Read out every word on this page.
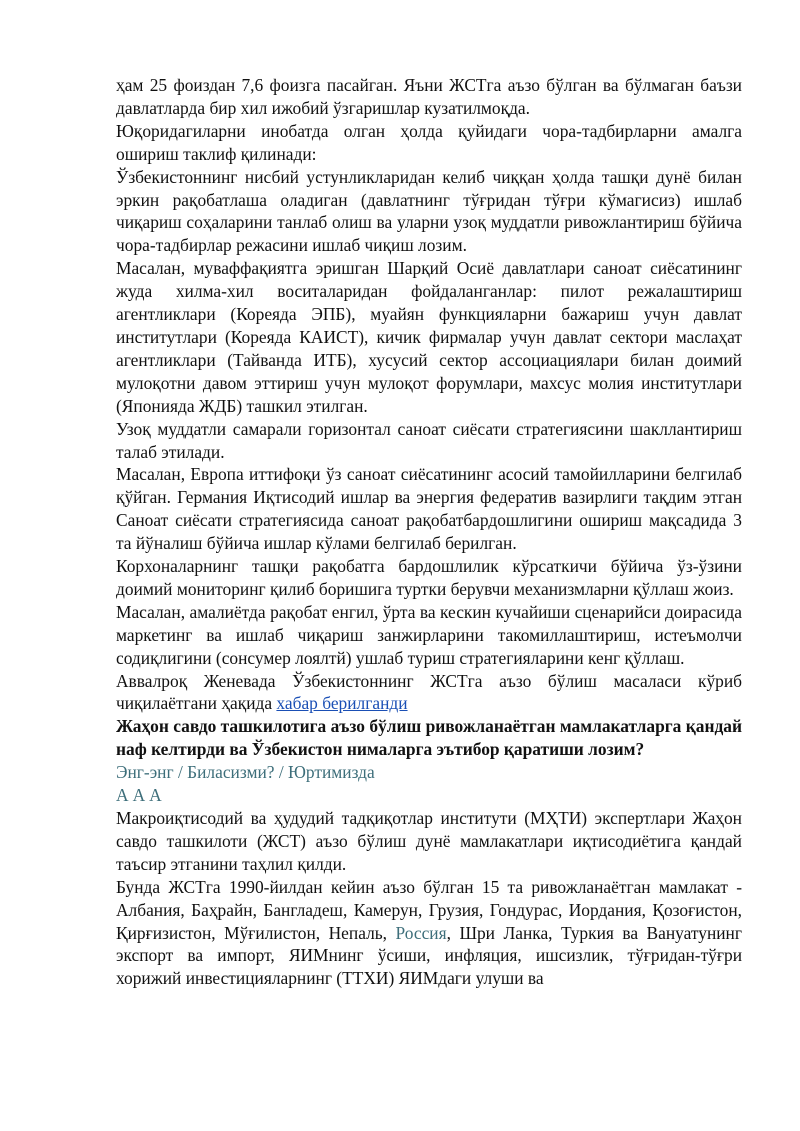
ҳам 25 фоиздан 7,6 фоизга пасайган. Яъни ЖСТга аъзо бўлган ва бўлмаган баъзи давлатларда бир хил ижобий ўзгаришлар кузатилмоқда.

Юқоридагиларни инобатда олган ҳолда қуйидаги чора-тадбирларни амалга ошириш таклиф қилинади:

Ўзбекистоннинг нисбий устунликларидан келиб чиққан ҳолда ташқи дунё билан эркин рақобатлаша оладиган (давлатнинг тўғридан тўғри кўмагисиз) ишлаб чиқариш соҳаларини танлаб олиш ва уларни узоқ муддатли ривожлантириш бўйича чора-тадбирлар режасини ишлаб чиқиш лозим.

Масалан, муваффақиятга эришган Шарқий Осиё давлатлари саноат сиёсатининг жуда хилма-хил воситаларидан фойдаланганлар: пилот режалаштириш агентликлари (Кореяда ЭПБ), муайян функцияларни бажариш учун давлат институтлари (Кореяда КАИСТ), кичик фирмалар учун давлат сектори маслаҳат агентликлари (Тайванда ИТБ), хусусий сектор ассоциациялари билан доимий мулоқотни давом эттириш учун мулоқот форумлари, махсус молия институтлари (Японияда ЖДБ) ташкил этилган.

Узоқ муддатли самарали горизонтал саноат сиёсати стратегиясини шакллантириш талаб этилади.

Масалан, Европа иттифоқи ўз саноат сиёсатининг асосий тамойилларини белгилаб қўйган. Германия Иқтисодий ишлар ва энергия федератив вазирлиги тақдим этган Саноат сиёсати стратегиясида саноат рақобатбардошлигини ошириш мақсадида 3 та йўналиш бўйича ишлар кўлами белгилаб берилган.

Корхоналарнинг ташқи рақобатга бардошлилик кўрсаткичи бўйича ўз-ўзини доимий мониторинг қилиб боришига туртки берувчи механизмларни қўллаш жоиз.

Масалан, амалиётда рақобат енгил, ўрта ва кескин кучайиши сценарийси доирасида маркетинг ва ишлаб чиқариш занжирларини такомиллаштириш, истеъмолчи содиқлигини (сонсумер лоялтй) ушлаб туриш стратегияларини кенг қўллаш.

Аввалроқ Женевада Ўзбекистоннинг ЖСТга аъзо бўлиш масаласи кўриб чиқилаётгани ҳақида хабар берилганди

Жаҳон савдо ташкилотига аъзо бўлиш ривожланаётган мамлакатларга қандай наф келтирди ва Ўзбекистон нималарга эътибор қаратиши лозим?

Энг-энг / Биласизми? / Юртимизда

A A A

Макроиқтисодий ва ҳудудий тадқиқотлар институти (МҲТИ) экспертлари Жаҳон савдо ташкилоти (ЖСТ) аъзо бўлиш дунё мамлакатлари иқтисодиётига қандай таъсир этганини таҳлил қилди.

Бунда ЖСТга 1990-йилдан кейин аъзо бўлган 15 та ривожланаётган мамлакат - Албания, Баҳрайн, Бангладеш, Камерун, Грузия, Гондурас, Иордания, Қозоғистон, Қирғизистон, Мўғилистон, Непаль, Россия, Шри Ланка, Туркия ва Вануатунинг экспорт ва импорт, ЯИМнинг ўсиши, инфляция, ишсизлик, тўғридан-тўғри хорижий инвестицияларнинг (ТТХИ) ЯИМдаги улуши ва
